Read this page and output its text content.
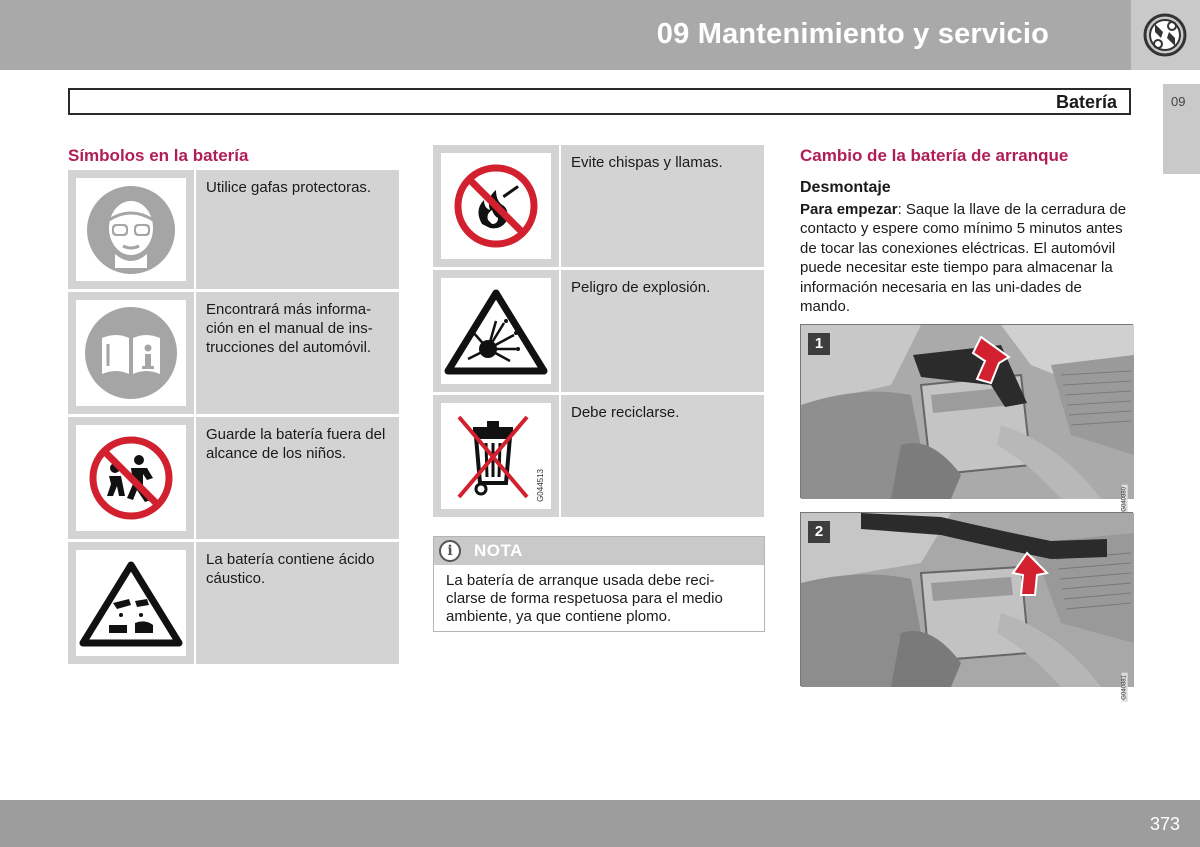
09 Mantenimiento y servicio
09
Batería
Símbolos en la batería
Utilice gafas protectoras.
Encontrará más informa-
ción en el manual de ins-
trucciones del automóvil.
Guarde la batería fuera del alcance de los niños.
La batería contiene ácido cáustico.
Evite chispas y llamas.
Peligro de explosión.
G044513
Debe reciclarse.
i	NOTA
La batería de arranque usada debe reci-
clarse de forma respetuosa para el medio
ambiente, ya que contiene plomo.
Cambio de la batería de arranque
Desmontaje
Para empezar: Saque la llave de la cerradura de contacto y espere como mínimo 5 minutos antes de tocar las conexiones eléctricas. El automóvil puede necesitar este tiempo para almacenar la información necesaria en las uni-dades de mando.
1
G040880
2
G040881
373
